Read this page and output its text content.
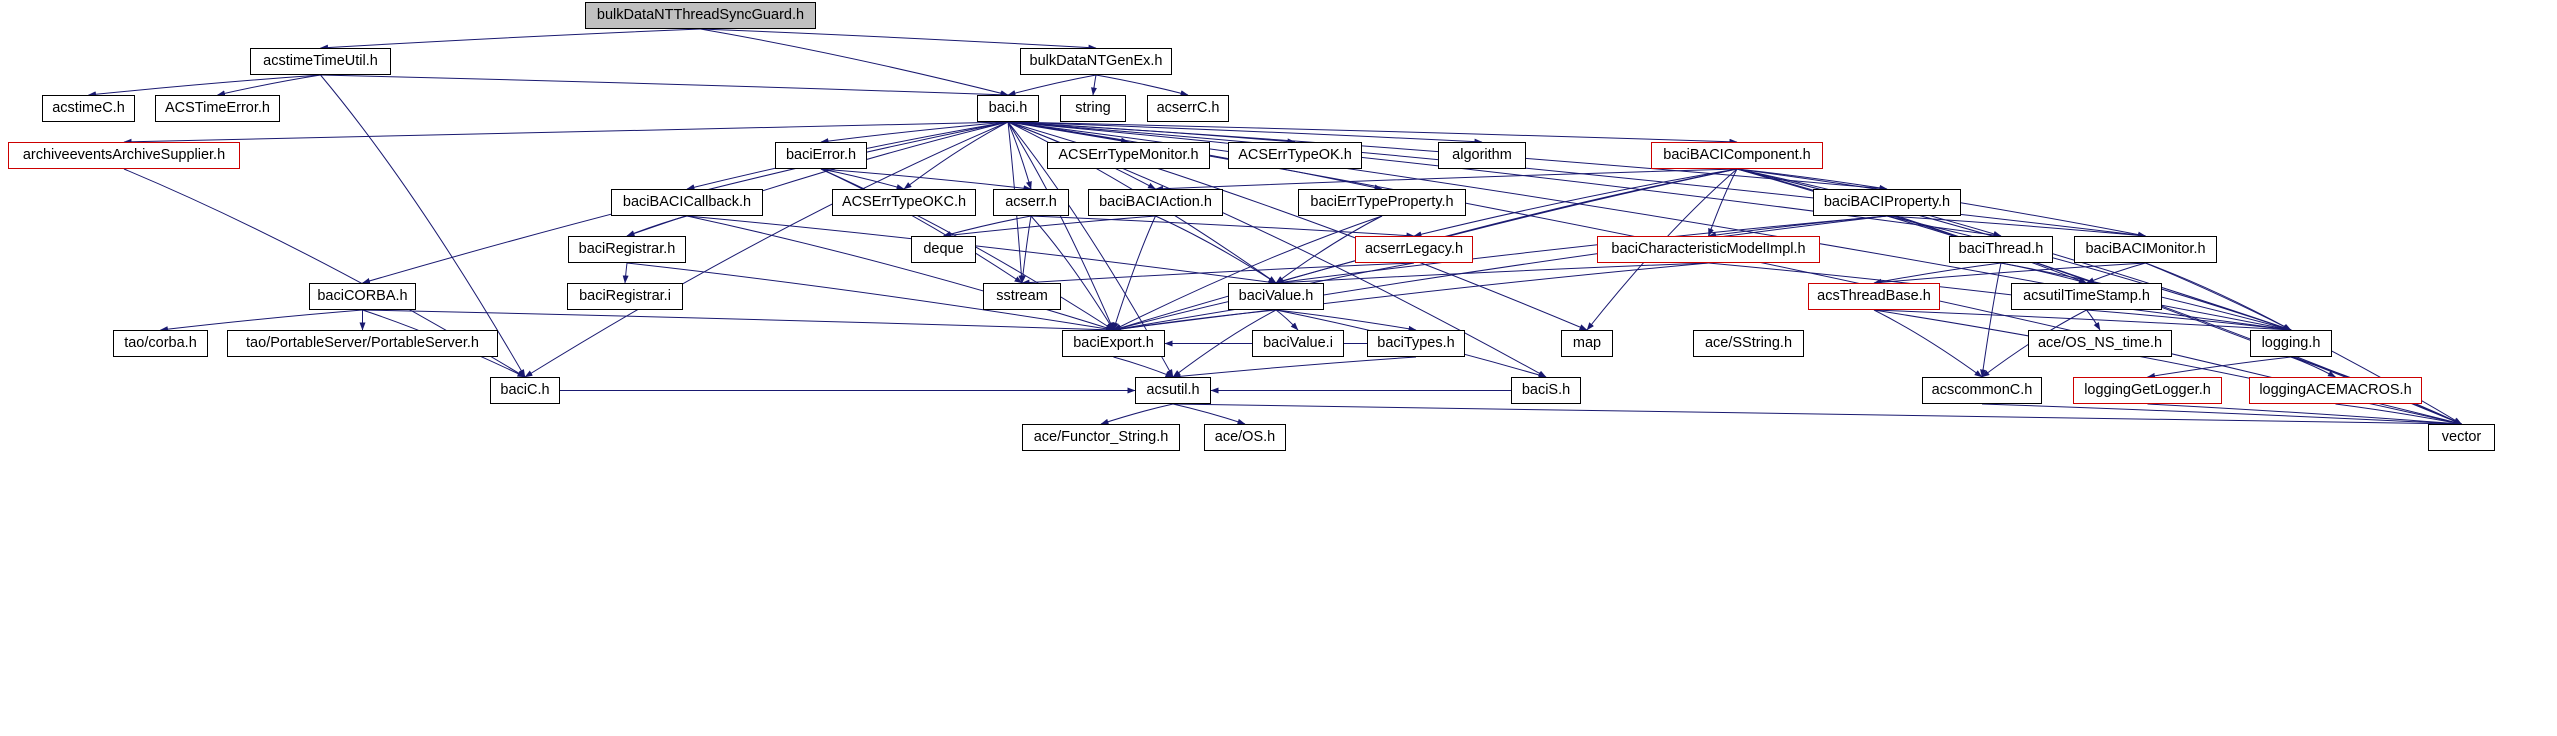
bulkDataNTThreadSyncGuard.h
acstimeTimeUtil.h	bulkDataNTGenEx.h
acstimeC.h	ACSTimeError.h	baci.h	string	acserrC.h
archiveeventsArchiveSupplier.h	baciError.h	ACSErrTypeMonitor.h	ACSErrTypeOK.h	algorithm	baciBACIComponent.h
baciBACICallback.h	ACSErrTypeOKC.h	acserr.h	baciBACIAction.h	baciErrTypeProperty.h	baciBACIProperty.h
baciRegistrar.h	deque	acserrLegacy.h	baciCharacteristicModelImpl.h	baciThread.h	baciBACIMonitor.h
baciRegistrar.i	sstream	baciValue.h	acsThreadBase.h	acsutilTimeStamp.h
baciCORBA.h
tao/corba.h	tao/PortableServer/PortableServer.h	baciExport.h	baciValue.i	baciTypes.h	map	ace/SString.h	ace/OS_NS_time.h	logging.h
baciC.h	acsutil.h	baciS.h	acscommonC.h	loggingGetLogger.h	loggingACEMACROS.h
ace/Functor_String.h	ace/OS.h	vector
